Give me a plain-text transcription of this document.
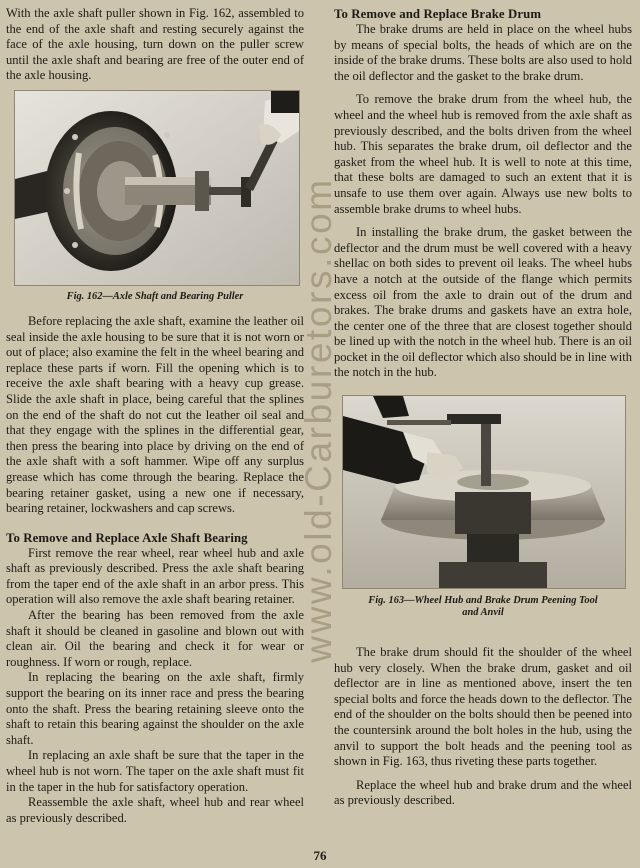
With the axle shaft puller shown in Fig. 162, assembled to the end of the axle shaft and resting securely against the face of the axle housing, turn down on the puller screw until the axle shaft and bearing are free of the outer end of the axle housing.

Fig. 162—Axle Shaft and Bearing Puller

Before replacing the axle shaft, examine the leather oil seal inside the axle housing to be sure that it is not worn or out of place; also examine the felt in the wheel bearing and replace these parts if worn. Fill the opening which is to receive the axle shaft bearing with a heavy cup grease. Slide the axle shaft in place, being careful that the splines on the end of the shaft do not cut the leather oil seal and that they engage with the splines in the differential gear, then press the bearing into place by driving on the end of the axle shaft with a soft hammer. Wipe off any surplus grease which has come through the bearing. Replace the bearing retainer gasket, using a new one if necessary, bearing retainer, lockwashers and cap screws.

To Remove and Replace Axle Shaft Bearing

First remove the rear wheel, rear wheel hub and axle shaft as previously described. Press the axle shaft bearing from the taper end of the axle shaft in an arbor press. This operation will also remove the axle shaft bearing retainer.

After the bearing has been removed from the axle shaft it should be cleaned in gasoline and blown out with clean air. Oil the bearing and check it for wear or roughness. If worn or rough, replace.

In replacing the bearing on the axle shaft, firmly support the bearing on its inner race and press the bearing onto the shaft. Press the bearing retaining sleeve onto the shaft to retain this bearing against the shoulder on the axle shaft.

In replacing an axle shaft be sure that the taper in the wheel hub is not worn. The taper on the axle shaft must fit in the taper in the hub for satisfactory operation.

Reassemble the axle shaft, wheel hub and rear wheel as previously described.

To Remove and Replace Brake Drum

The brake drums are held in place on the wheel hubs by means of special bolts, the heads of which are on the inside of the brake drums. These bolts are also used to hold the oil deflector and the gasket to the brake drum.

To remove the brake drum from the wheel hub, the wheel and the wheel hub is removed from the axle shaft as previously described, and the bolts driven from the wheel hub. This separates the brake drum, oil deflector and the gasket from the wheel hub. It is well to note at this time, that these bolts are damaged to such an extent that it is unsafe to use them over again. Always use new bolts to assemble brake drums to wheel hubs.

In installing the brake drum, the gasket between the deflector and the drum must be well covered with a heavy shellac on both sides to prevent oil leaks. The wheel hubs have a notch at the outside of the flange which permits excess oil from the axle to drain out of the drum and brakes. The brake drums and gaskets have an extra hole, the center one of the three that are closest together should be lined up with the notch in the wheel hub. There is an oil pocket in the oil deflector which also should be in line with the notch in the hub.

Fig. 163—Wheel Hub and Brake Drum Peening Tool and Anvil

The brake drum should fit the shoulder of the wheel hub very closely. When the brake drum, gasket and oil deflector are in line as mentioned above, insert the ten special bolts and force the heads down to the deflector. The end of the shoulder on the bolts should then be peened into the countersink around the bolt holes in the hub, using the anvil to support the bolt heads and the peening tool as shown in Fig. 163, thus riveting these parts together.

Replace the wheel hub and brake drum and the wheel as previously described.

www.old-Carburetors.com
76
